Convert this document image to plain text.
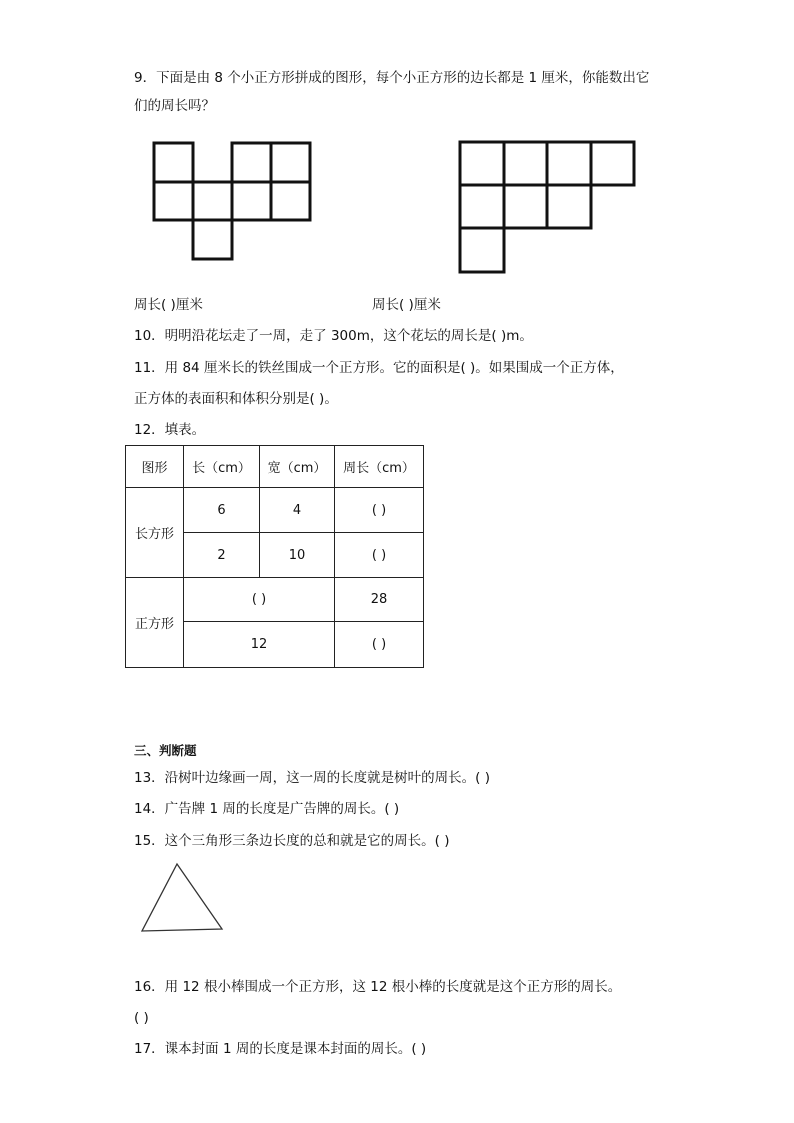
9．下面是由 8 个小正方形拼成的图形，每个小正方形的边长都是 1 厘米，你能数出它
们的周长吗？
周长( )厘米	周长( )厘米
10．明明沿花坛走了一周，走了 300m，这个花坛的周长是( )m。
11．用 84 厘米长的铁丝围成一个正方形。它的面积是( )。如果围成一个正方体，
正方体的表面积和体积分别是( )。
12．填表。
图形	长（cm）	宽（cm）	周长（cm）
长方形	6	4	( )
	2	10	( )
正方形	( )		28
	12		( )
三、判断题
13．沿树叶边缘画一周，这一周的长度就是树叶的周长。( )
14．广告牌 1 周的长度是广告牌的周长。( )
15．这个三角形三条边长度的总和就是它的周长。( )
16．用 12 根小棒围成一个正方形，这 12 根小棒的长度就是这个正方形的周长。
( )
17．课本封面 1 周的长度是课本封面的周长。( )
